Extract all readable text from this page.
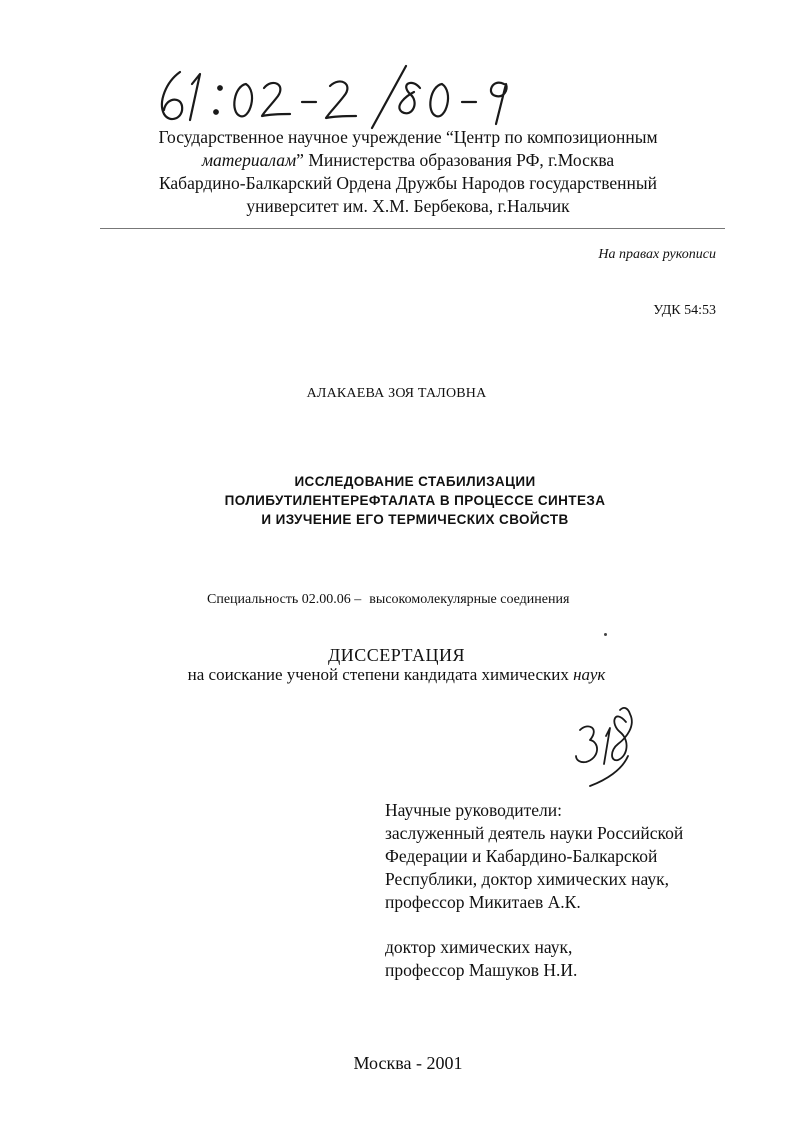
Государственное научное учреждение “Центр по композиционным
материалам” Министерства образования РФ, г.Москва
Кабардино-Балкарский Ордена Дружбы Народов государственный
университет им. Х.М. Бербекова, г.Нальчик
На правах рукописи
УДК 54:53
АЛАКАЕВА ЗОЯ ТАЛОВНА
ИССЛЕДОВАНИЕ СТАБИЛИЗАЦИИ
ПОЛИБУТИЛЕНТЕРЕФТАЛАТА В ПРОЦЕССЕ СИНТЕЗА
И ИЗУЧЕНИЕ ЕГО ТЕРМИЧЕСКИХ СВОЙСТВ
Специальность 02.00.06 – высокомолекулярные соединения
ДИССЕРТАЦИЯ
на соискание ученой степени кандидата химических наук
Научные руководители:
заслуженный деятель науки Российской
Федерации и Кабардино-Балкарской
Республики, доктор химических наук,
профессор Микитаев А.К.
доктор химических наук,
профессор Машуков Н.И.
Москва - 2001
